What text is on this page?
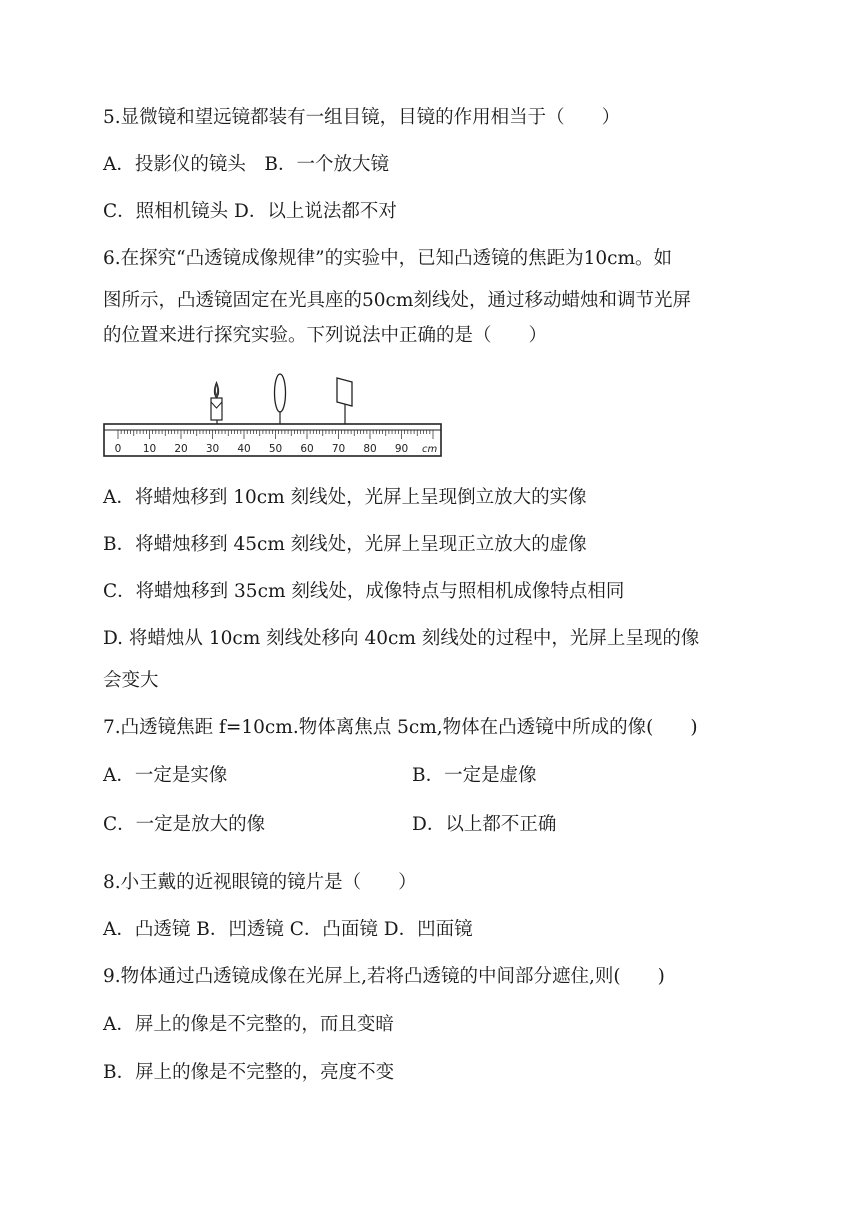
5.显微镜和望远镜都装有一组目镜，目镜的作用相当于（　　）
A．投影仪的镜头　B．一个放大镜
C．照相机镜头 D．以上说法都不对
6.在探究“凸透镜成像规律”的实验中，已知凸透镜的焦距为10cm。如
图所示，凸透镜固定在光具座的50cm刻线处，通过移动蜡烛和调节光屏
的位置来进行探究实验。下列说法中正确的是（　　）
0 10 20 30 40 50 60 70 80 90 cm
A．将蜡烛移到 10cm 刻线处，光屏上呈现倒立放大的实像
B．将蜡烛移到 45cm 刻线处，光屏上呈现正立放大的虚像
C．将蜡烛移到 35cm 刻线处，成像特点与照相机成像特点相同
D. 将蜡烛从 10cm 刻线处移向 40cm 刻线处的过程中，光屏上呈现的像
会变大
7.凸透镜焦距 f=10cm.物体离焦点 5cm,物体在凸透镜中所成的像(　　)
A．一定是实像	B．一定是虚像
C．一定是放大的像	D．以上都不正确
8.小王戴的近视眼镜的镜片是（　　）
A．凸透镜 B．凹透镜 C．凸面镜 D．凹面镜
9.物体通过凸透镜成像在光屏上,若将凸透镜的中间部分遮住,则(　　)
A．屏上的像是不完整的，而且变暗
B．屏上的像是不完整的，亮度不变
